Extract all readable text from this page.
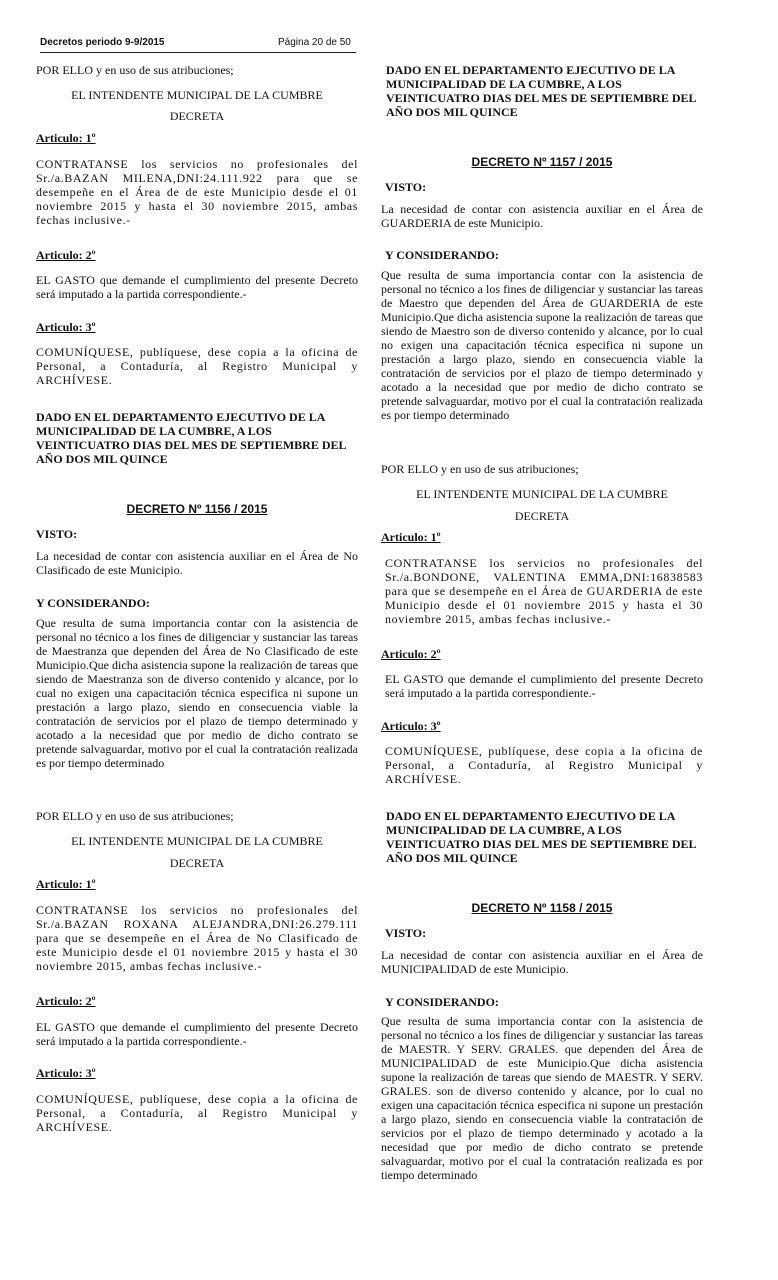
Decretos periodo 9-9/2015	Página 20 de 50

POR ELLO y en uso de sus atribuciones;

EL INTENDENTE MUNICIPAL DE LA CUMBRE

DECRETA

Articulo: 1º

CONTRATANSE los servicios no profesionales del Sr./a.BAZAN MILENA,DNI:24.111.922 para que se desempeñe en el Área de de este Municipio desde el 01 noviembre 2015 y hasta el 30 noviembre 2015, ambas fechas inclusive.-

Articulo: 2º

EL GASTO que demande el cumplimiento del presente Decreto será imputado a la partida correspondiente.-

Articulo: 3º

COMUNÍQUESE, publíquese, dese copia a la oficina de Personal, a Contaduría, al Registro Municipal y ARCHÍVESE.

DADO EN EL DEPARTAMENTO EJECUTIVO DE LA MUNICIPALIDAD DE LA CUMBRE, A LOS VEINTICUATRO DIAS DEL MES DE SEPTIEMBRE DEL AÑO DOS MIL QUINCE

DECRETO Nº 1156 / 2015

VISTO:

La necesidad de contar con asistencia auxiliar en el Área de No Clasificado de este Municipio.

Y CONSIDERANDO:

Que resulta de suma importancia contar con la asistencia de personal no técnico a los fines de diligenciar y sustanciar las tareas de Maestranza que dependen del Área de No Clasificado de este Municipio.Que dicha asistencia supone la realización de tareas que siendo de Maestranza son de diverso contenido y alcance, por lo cual no exigen una capacitación técnica especifica ni supone un prestación a largo plazo, siendo en consecuencia viable la contratación de servicios por el plazo de tiempo determinado y acotado a la necesidad que por medio de dicho contrato se pretende salvaguardar, motivo por el cual la contratación realizada es por tiempo determinado

POR ELLO y en uso de sus atribuciones;

EL INTENDENTE MUNICIPAL DE LA CUMBRE

DECRETA

Articulo: 1º

CONTRATANSE los servicios no profesionales del Sr./a.BAZAN ROXANA ALEJANDRA,DNI:26.279.111 para que se desempeñe en el Área de No Clasificado de este Municipio desde el 01 noviembre 2015 y hasta el 30 noviembre 2015, ambas fechas inclusive.-

Articulo: 2º

EL GASTO que demande el cumplimiento del presente Decreto será imputado a la partida correspondiente.-

Articulo: 3º

COMUNÍQUESE, publíquese, dese copia a la oficina de Personal, a Contaduría, al Registro Municipal y ARCHÍVESE.

DADO EN EL DEPARTAMENTO EJECUTIVO DE LA MUNICIPALIDAD DE LA CUMBRE, A LOS VEINTICUATRO DIAS DEL MES DE SEPTIEMBRE DEL AÑO DOS MIL QUINCE

DECRETO Nº 1157 / 2015

VISTO:

La necesidad de contar con asistencia auxiliar en el Área de GUARDERIA de este Municipio.

Y CONSIDERANDO:

Que resulta de suma importancia contar con la asistencia de personal no técnico a los fines de diligenciar y sustanciar las tareas de Maestro que dependen del Área de GUARDERIA de este Municipio.Que dicha asistencia supone la realización de tareas que siendo de Maestro son de diverso contenido y alcance, por lo cual no exigen una capacitación técnica especifica ni supone un prestación a largo plazo, siendo en consecuencia viable la contratación de servicios por el plazo de tiempo determinado y acotado a la necesidad que por medio de dicho contrato se pretende salvaguardar, motivo por el cual la contratación realizada es por tiempo determinado

POR ELLO y en uso de sus atribuciones;

EL INTENDENTE MUNICIPAL DE LA CUMBRE

DECRETA

Articulo: 1º

CONTRATANSE los servicios no profesionales del Sr./a.BONDONE, VALENTINA EMMA,DNI:16838583 para que se desempeñe en el Área de GUARDERIA de este Municipio desde el 01 noviembre 2015 y hasta el 30 noviembre 2015, ambas fechas inclusive.-

Articulo: 2º

EL GASTO que demande el cumplimiento del presente Decreto será imputado a la partida correspondiente.-

Articulo: 3º

COMUNÍQUESE, publíquese, dese copia a la oficina de Personal, a Contaduría, al Registro Municipal y ARCHÍVESE.

DADO EN EL DEPARTAMENTO EJECUTIVO DE LA MUNICIPALIDAD DE LA CUMBRE, A LOS VEINTICUATRO DIAS DEL MES DE SEPTIEMBRE DEL AÑO DOS MIL QUINCE

DECRETO Nº 1158 / 2015

VISTO:

La necesidad de contar con asistencia auxiliar en el Área de MUNICIPALIDAD de este Municipio.

Y CONSIDERANDO:

Que resulta de suma importancia contar con la asistencia de personal no técnico a los fines de diligenciar y sustanciar las tareas de MAESTR. Y SERV. GRALES. que dependen del Área de MUNICIPALIDAD de este Municipio.Que dicha asistencia supone la realización de tareas que siendo de MAESTR. Y SERV. GRALES. son de diverso contenido y alcance, por lo cual no exigen una capacitación técnica especifica ni supone un prestación a largo plazo, siendo en consecuencia viable la contratación de servicios por el plazo de tiempo determinado y acotado a la necesidad que por medio de dicho contrato se pretende salvaguardar, motivo por el cual la contratación realizada es por tiempo determinado
